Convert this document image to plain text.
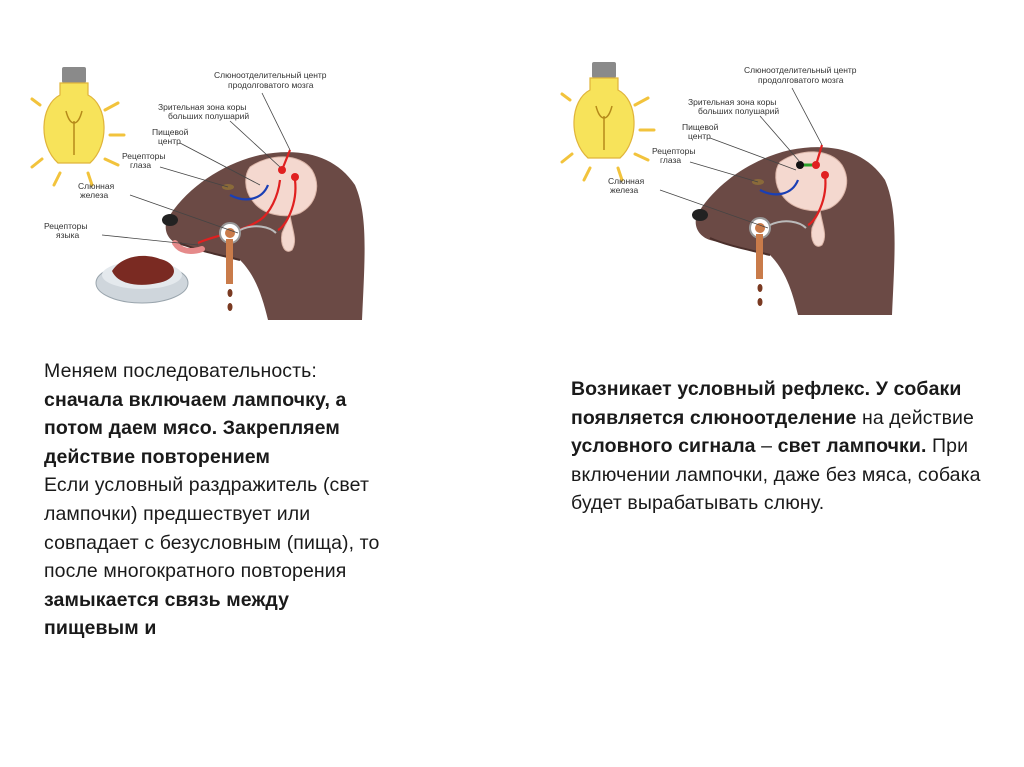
Слюноотделительный центр
продолговатого мозга
Зрительная зона коры
больших полушарий
Пищевой
центр
Рецепторы
глаза
Слюнная
железа
Рецепторы
языка
Слюноотделительный центр
продолговатого мозга
Зрительная зона коры
больших полушарий
Пищевой
центр
Рецепторы
глаза
Слюнная
железа
Меняем последовательность: сначала включаем лампочку, а потом даем мясо. Закрепляем действие повторением
Если условный раздражитель (свет лампочки) предшествует или совпадает с безусловным (пища), то после многократного повторения замыкается связь между пищевым и
Возникает условный рефлекс. У собаки появляется слюноотделение на действие условного сигнала – свет лампочки. При включении лампочки, даже без мяса, собака будет вырабатывать слюну.
